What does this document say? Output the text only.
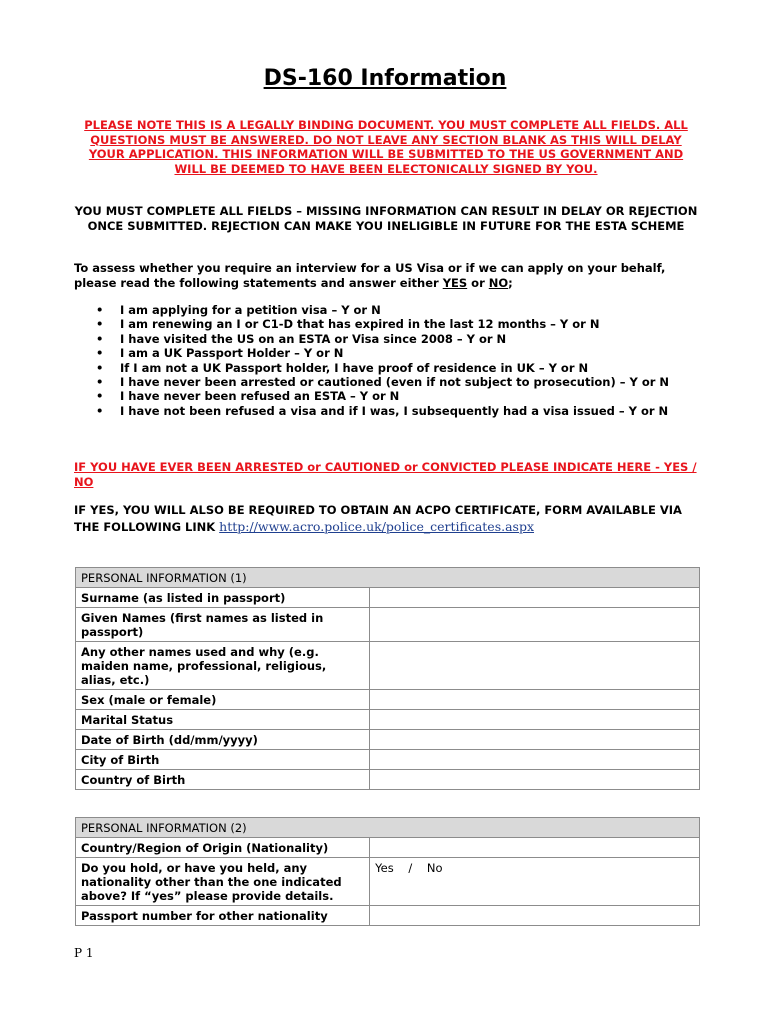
DS-160 Information
PLEASE NOTE THIS IS A LEGALLY BINDING DOCUMENT. YOU MUST COMPLETE ALL FIELDS. ALL QUESTIONS MUST BE ANSWERED. DO NOT LEAVE ANY SECTION BLANK AS THIS WILL DELAY YOUR APPLICATION. THIS INFORMATION WILL BE SUBMITTED TO THE US GOVERNMENT AND WILL BE DEEMED TO HAVE BEEN ELECTONICALLY SIGNED BY YOU.
YOU MUST COMPLETE ALL FIELDS – MISSING INFORMATION CAN RESULT IN DELAY OR REJECTION ONCE SUBMITTED. REJECTION CAN MAKE YOU INELIGIBLE IN FUTURE FOR THE ESTA SCHEME
To assess whether you require an interview for a US Visa or if we can apply on your behalf, please read the following statements and answer either YES or NO;
• I am applying for a petition visa – Y or N
• I am renewing an I or C1-D that has expired in the last 12 months – Y or N
• I have visited the US on an ESTA or Visa since 2008 – Y or N
• I am a UK Passport Holder – Y or N
• If I am not a UK Passport holder, I have proof of residence in UK – Y or N
• I have never been arrested or cautioned (even if not subject to prosecution) – Y or N
• I have never been refused an ESTA – Y or N
• I have not been refused a visa and if I was, I subsequently had a visa issued – Y or N
IF YOU HAVE EVER BEEN ARRESTED or CAUTIONED or CONVICTED PLEASE INDICATE HERE - YES / NO
IF YES, YOU WILL ALSO BE REQUIRED TO OBTAIN AN ACPO CERTIFICATE, FORM AVAILABLE VIA THE FOLLOWING LINK http://www.acro.police.uk/police_certificates.aspx
PERSONAL INFORMATION (1)	
Surname (as listed in passport)	
Given Names (first names as listed in passport)	
Any other names used and why (e.g. maiden name, professional, religious, alias, etc.)	
Sex (male or female)	
Marital Status	
Date of Birth (dd/mm/yyyy)	
City of Birth	
Country of Birth	
PERSONAL INFORMATION (2)	
Country/Region of Origin (Nationality)	
Do you hold, or have you held, any nationality other than the one indicated above? If “yes” please provide details.	Yes    /    No
Passport number for other nationality	
P 1
